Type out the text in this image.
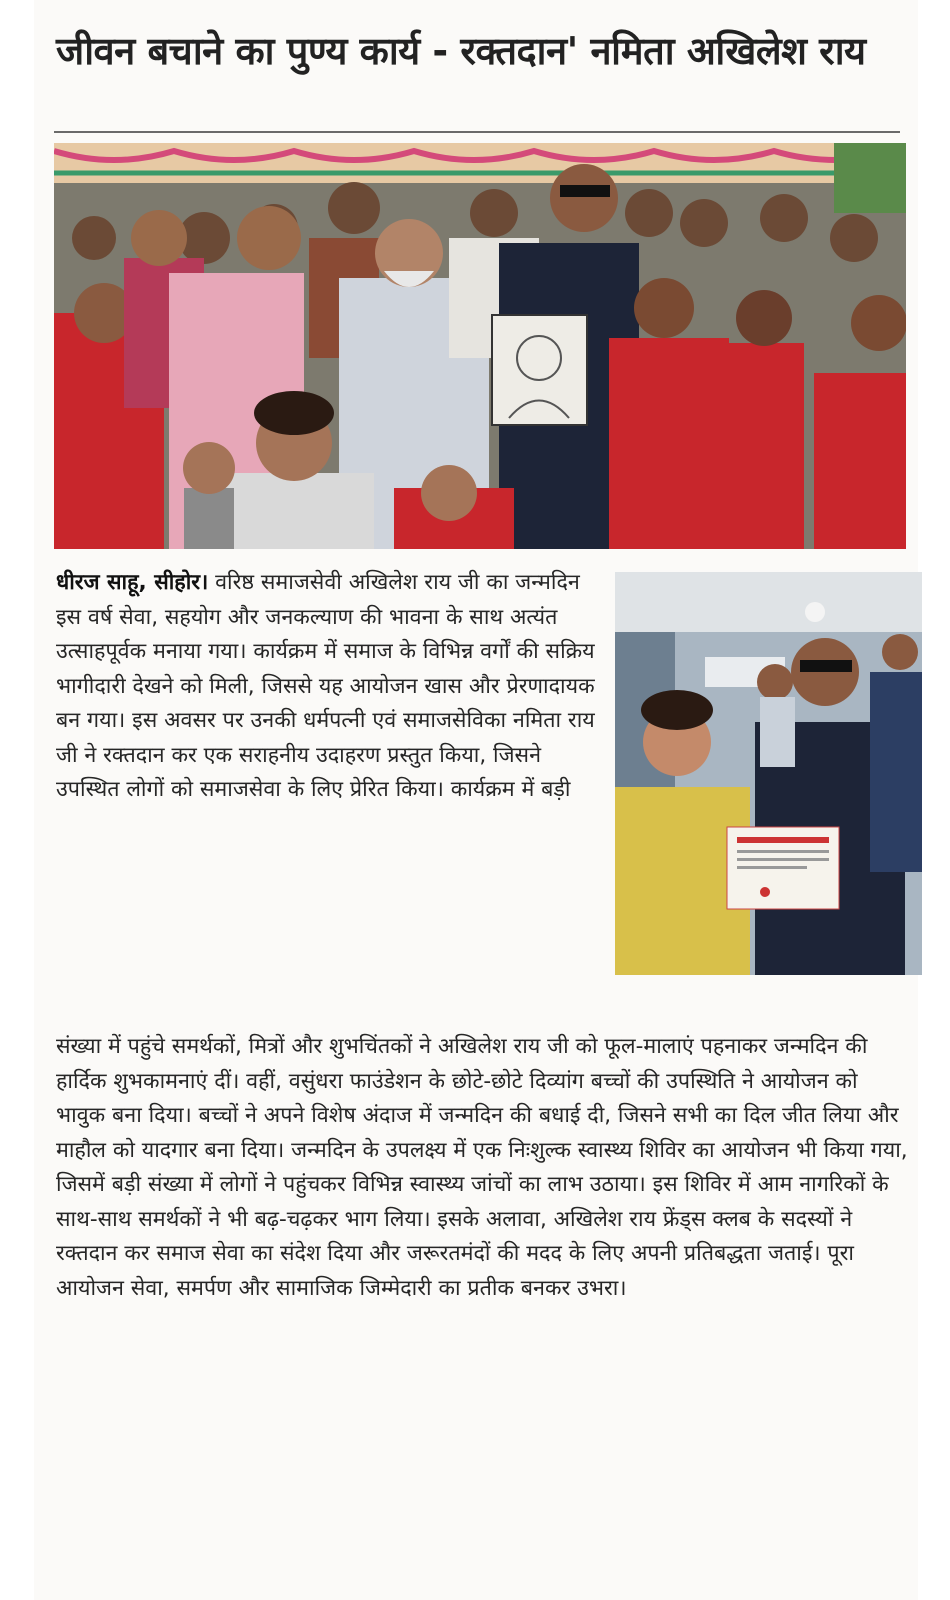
जीवन बचाने का पुण्य कार्य - रक्तदान' नमिता अखिलेश राय
धीरज साहू, सीहोर। वरिष्ठ समाजसेवी अखिलेश राय जी का जन्मदिन इस वर्ष सेवा, सहयोग और जनकल्याण की भावना के साथ अत्यंत उत्साहपूर्वक मनाया गया। कार्यक्रम में समाज के विभिन्न वर्गों की सक्रिय भागीदारी देखने को मिली, जिससे यह आयोजन खास और प्रेरणादायक बन गया। इस अवसर पर उनकी धर्मपत्नी एवं समाजसेविका नमिता राय जी ने रक्तदान कर एक सराहनीय उदाहरण प्रस्तुत किया, जिसने उपस्थित लोगों को समाजसेवा के लिए प्रेरित किया। कार्यक्रम में बड़ी
संख्या में पहुंचे समर्थकों, मित्रों और शुभचिंतकों ने अखिलेश राय जी को फूल-मालाएं पहनाकर जन्मदिन की हार्दिक शुभकामनाएं दीं। वहीं, वसुंधरा फाउंडेशन के छोटे-छोटे दिव्यांग बच्चों की उपस्थिति ने आयोजन को भावुक बना दिया। बच्चों ने अपने विशेष अंदाज में जन्मदिन की बधाई दी, जिसने सभी का दिल जीत लिया और माहौल को यादगार बना दिया। जन्मदिन के उपलक्ष्य में एक निःशुल्क स्वास्थ्य शिविर का आयोजन भी किया गया, जिसमें बड़ी संख्या में लोगों ने पहुंचकर विभिन्न स्वास्थ्य जांचों का लाभ उठाया। इस शिविर में आम नागरिकों के साथ-साथ समर्थकों ने भी बढ़-चढ़कर भाग लिया। इसके अलावा, अखिलेश राय फ्रेंड्स क्लब के सदस्यों ने रक्तदान कर समाज सेवा का संदेश दिया और जरूरतमंदों की मदद के लिए अपनी प्रतिबद्धता जताई। पूरा आयोजन सेवा, समर्पण और सामाजिक जिम्मेदारी का प्रतीक बनकर उभरा।
